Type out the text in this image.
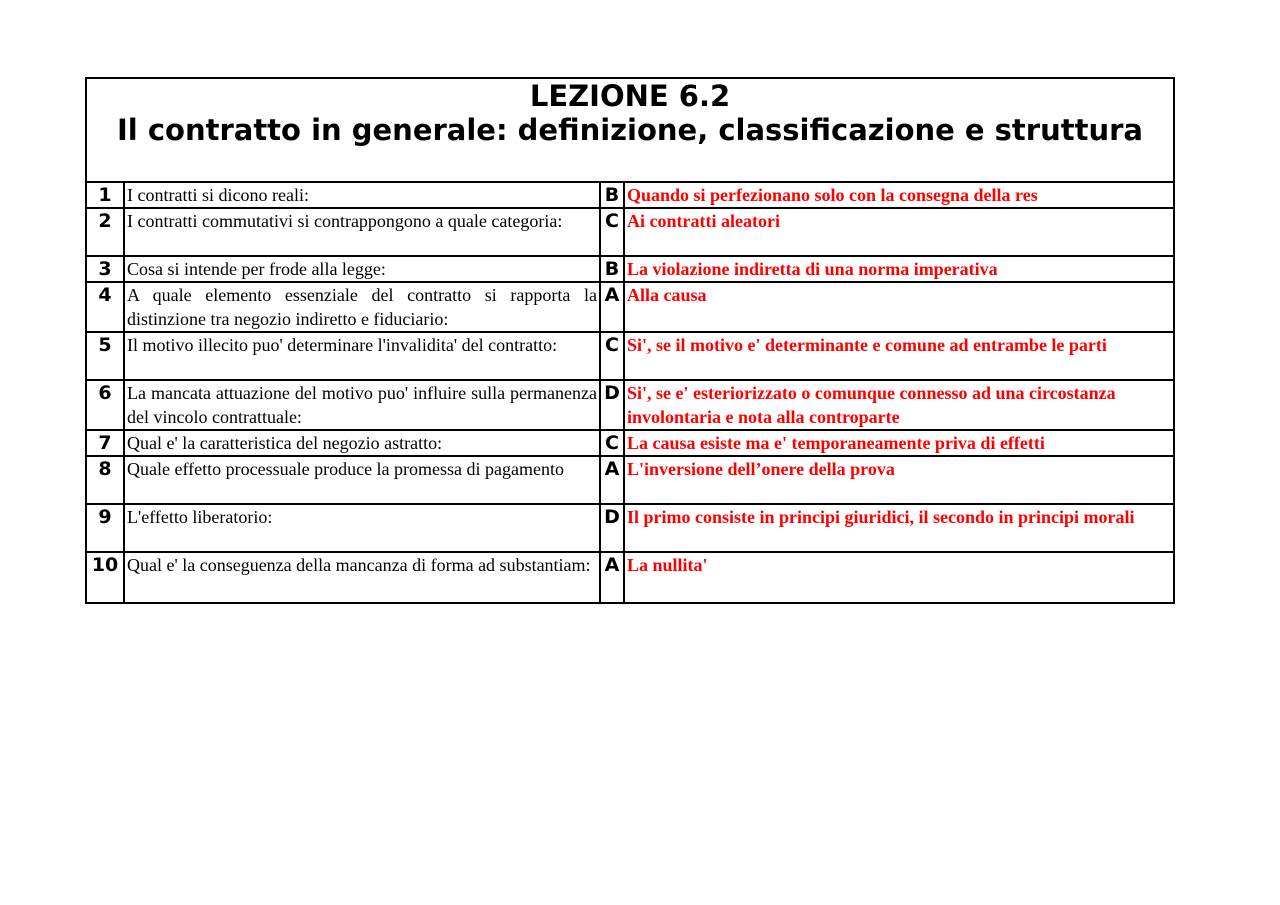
LEZIONE 6.2
Il contratto in generale: definizione, classificazione e struttura			

1	I contratti si dicono reali:	B	Quando si perfezionano solo con la consegna della res
2	I contratti commutativi si contrappongono a quale categoria:	C	Ai contratti aleatori
3	Cosa si intende per frode alla legge:	B	La violazione indiretta di una norma imperativa
4	A quale elemento essenziale del contratto si rapporta la distinzione tra negozio indiretto e fiduciario:	A	Alla causa
5	Il motivo illecito puo' determinare l'invalidita' del contratto:	C	Si', se il motivo e' determinante e comune ad entrambe le parti
6	La mancata attuazione del motivo puo' influire sulla permanenza del vincolo contrattuale:	D	Si', se e' esteriorizzato o comunque connesso ad una circostanza involontaria e nota alla controparte
7	Qual e' la caratteristica del negozio astratto:	C	La causa esiste ma e' temporaneamente priva di effetti
8	Quale effetto processuale produce la promessa di pagamento	A	L'inversione dell’onere della prova
9	L'effetto liberatorio:	D	Il primo consiste in principi giuridici, il secondo in principi morali
10	Qual e' la conseguenza della mancanza di forma ad substantiam:	A	La nullita'
